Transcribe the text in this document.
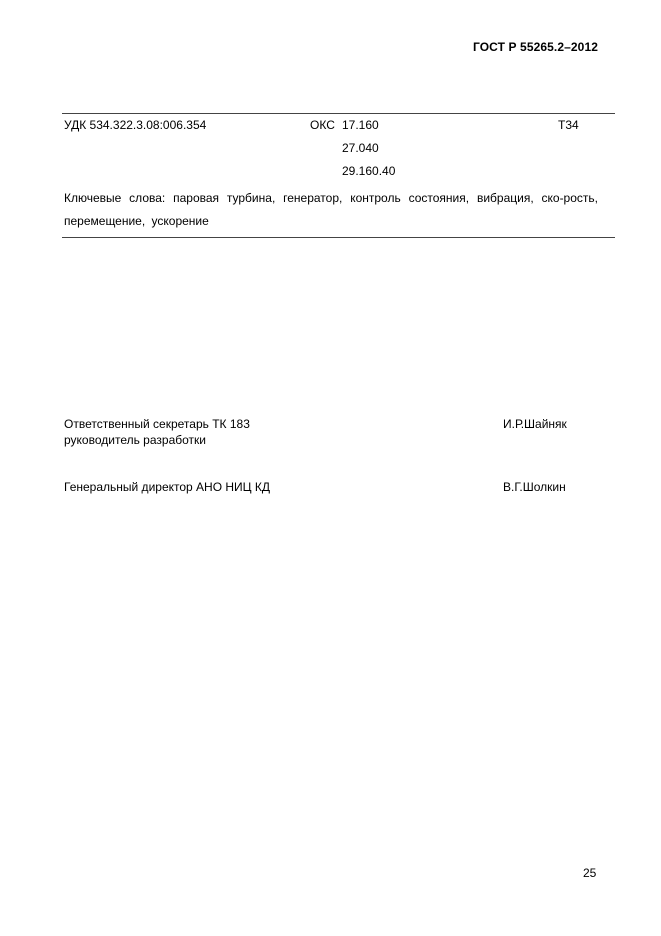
ГОСТ Р 55265.2–2012
УДК 534.322.3.08:006.354	ОКС 17.160
27.040
29.160.40
Т34
Ключевые слова: паровая турбина, генератор, контроль состояния, вибрация, ско-рость, перемещение, ускорение
Ответственный секретарь ТК 183
руководитель разработки
И.Р.Шайняк
Генеральный директор АНО НИЦ КД	В.Г.Шолкин
25
